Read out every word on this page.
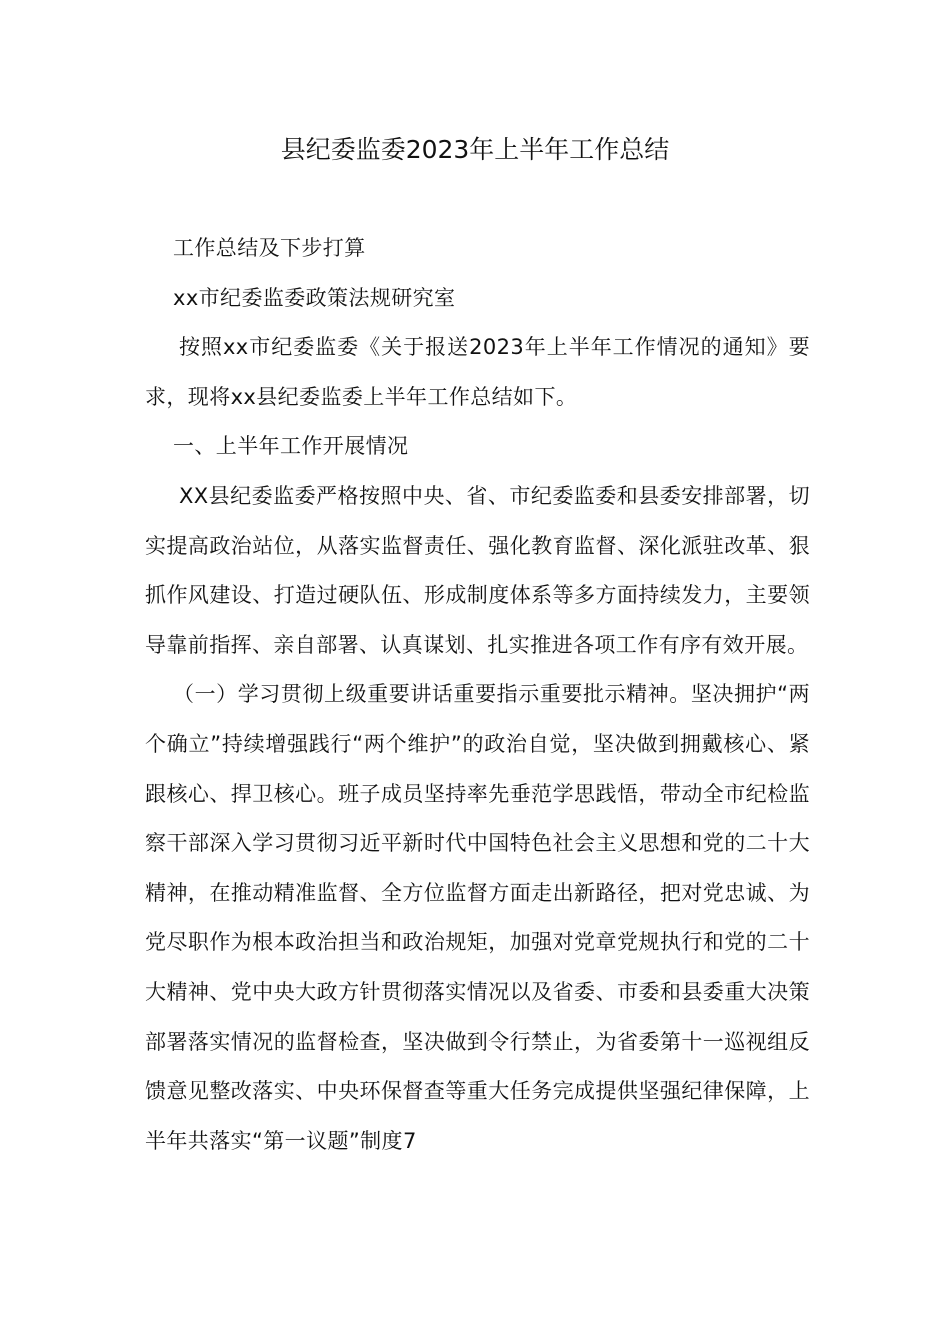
县纪委监委2023年上半年工作总结

工作总结及下步打算

xx市纪委监委政策法规研究室

按照xx市纪委监委《关于报送2023年上半年工作情况的通知》要求，现将xx县纪委监委上半年工作总结如下。

一、上半年工作开展情况

XX县纪委监委严格按照中央、省、市纪委监委和县委安排部署，切实提高政治站位，从落实监督责任、强化教育监督、深化派驻改革、狠抓作风建设、打造过硬队伍、形成制度体系等多方面持续发力，主要领导靠前指挥、亲自部署、认真谋划、扎实推进各项工作有序有效开展。

（一）学习贯彻上级重要讲话重要指示重要批示精神。坚决拥护“两个确立”持续增强践行“两个维护”的政治自觉，坚决做到拥戴核心、紧跟核心、捍卫核心。班子成员坚持率先垂范学思践悟，带动全市纪检监察干部深入学习贯彻习近平新时代中国特色社会主义思想和党的二十大精神，在推动精准监督、全方位监督方面走出新路径，把对党忠诚、为党尽职作为根本政治担当和政治规矩，加强对党章党规执行和党的二十大精神、党中央大政方针贯彻落实情况以及省委、市委和县委重大决策部署落实情况的监督检查，坚决做到令行禁止，为省委第十一巡视组反馈意见整改落实、中央环保督查等重大任务完成提供坚强纪律保障，上半年共落实“第一议题”制度7
